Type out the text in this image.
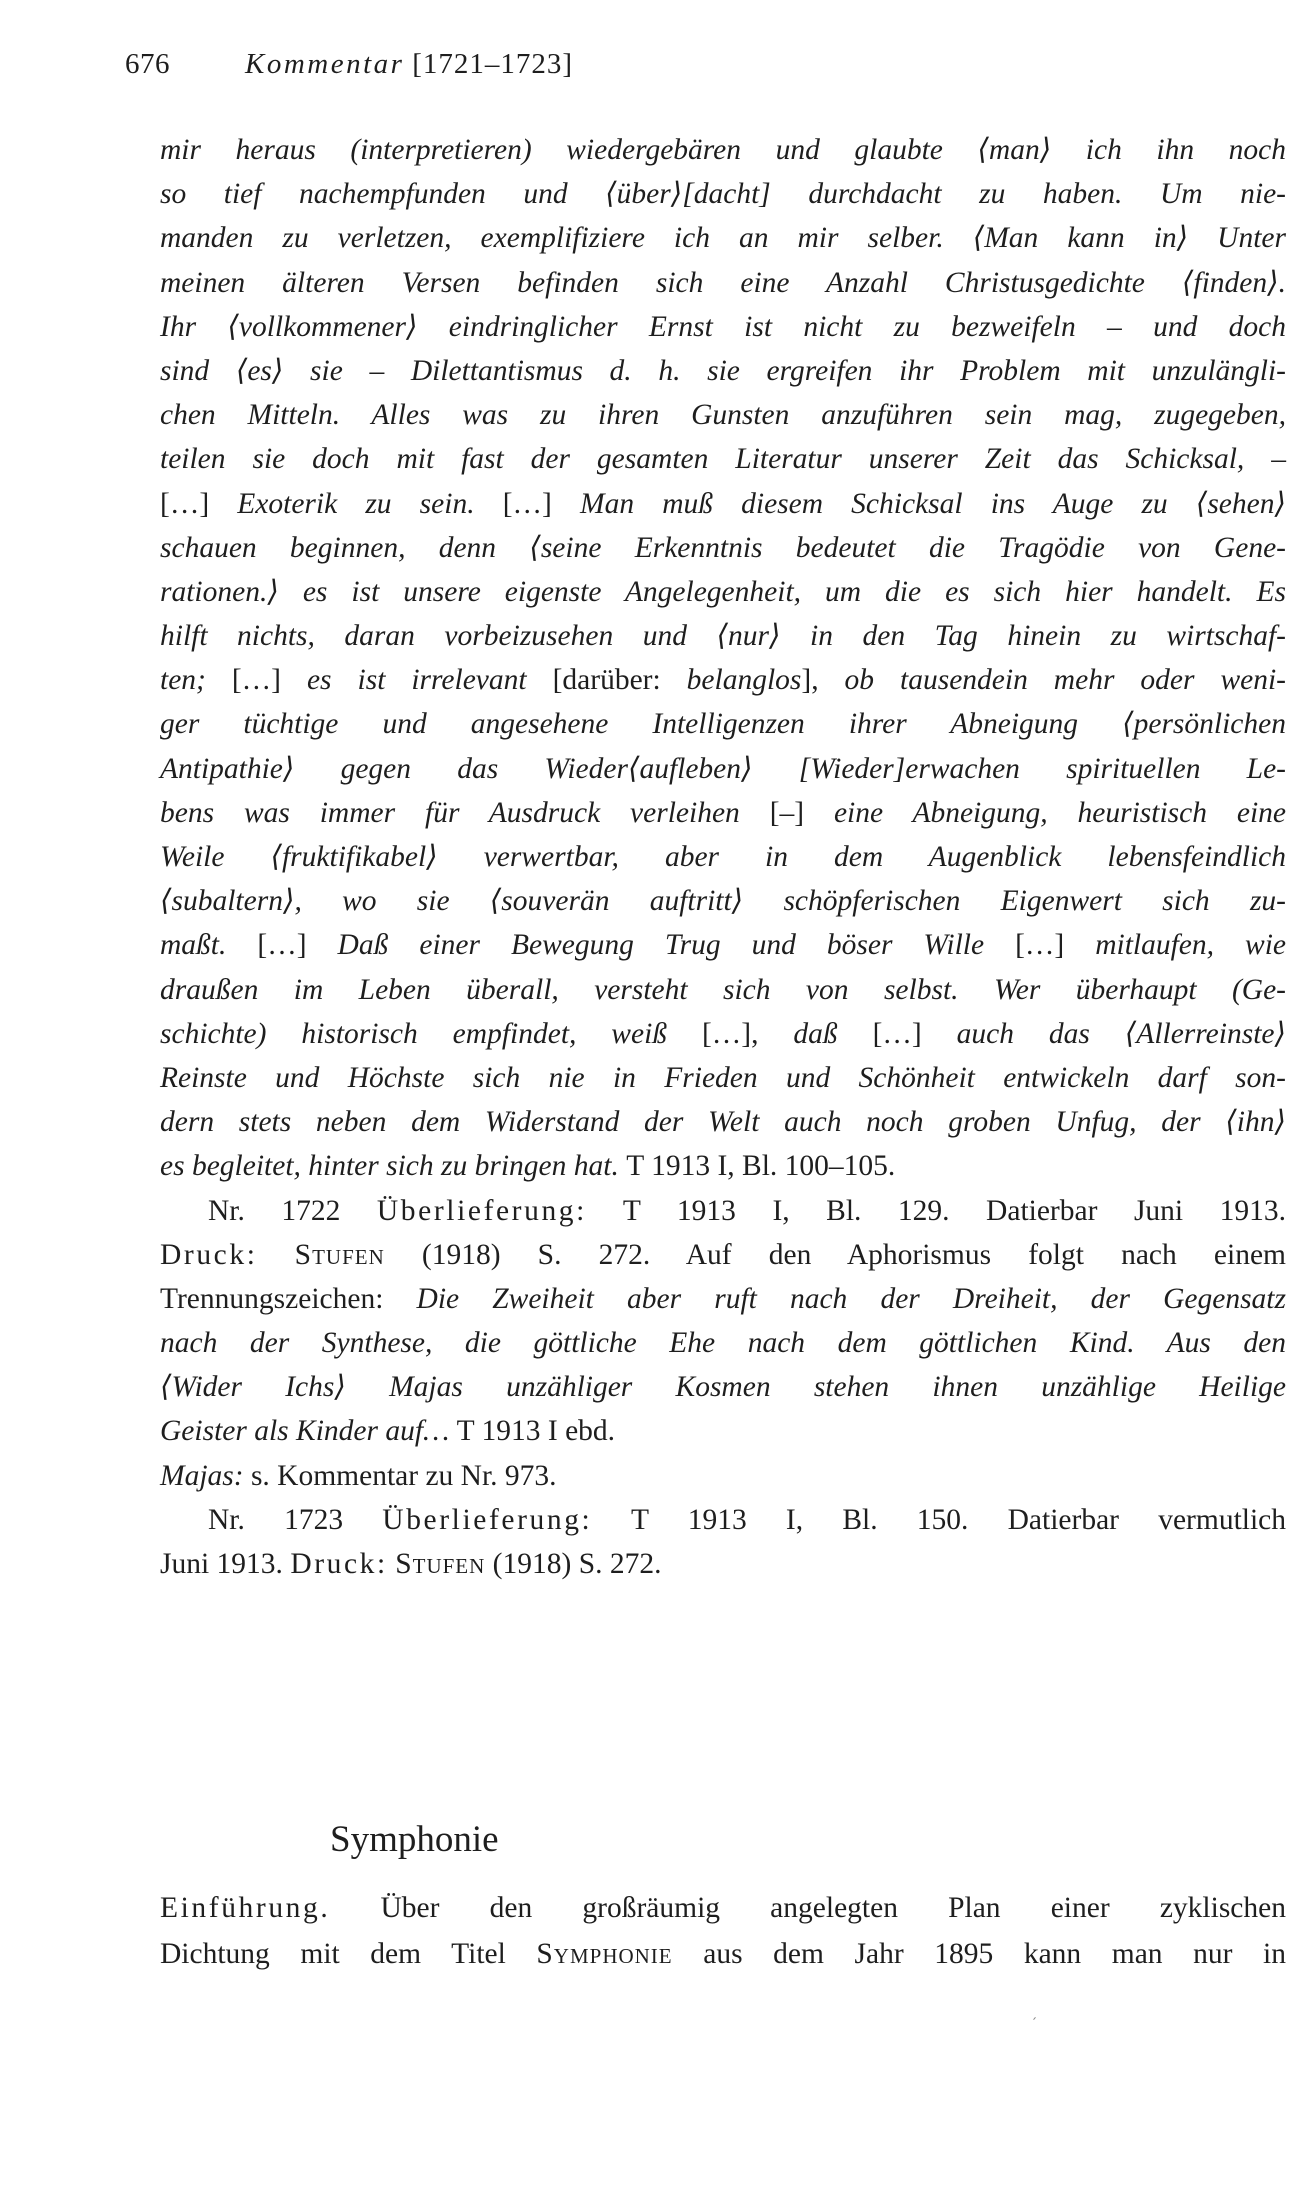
676	Kommentar [1721–1723]
mir heraus (interpretieren) wiedergebären und glaubte ⟨man⟩ ich ihn noch
so tief nachempfunden und ⟨über⟩[dacht] durchdacht zu haben. Um nie-
manden zu verletzen, exemplifiziere ich an mir selber. ⟨Man kann in⟩ Unter
meinen älteren Versen befinden sich eine Anzahl Christusgedichte ⟨finden⟩.
Ihr ⟨vollkommener⟩ eindringlicher Ernst ist nicht zu bezweifeln – und doch
sind ⟨es⟩ sie – Dilettantismus d. h. sie ergreifen ihr Problem mit unzulängli-
chen Mitteln. Alles was zu ihren Gunsten anzuführen sein mag, zugegeben,
teilen sie doch mit fast der gesamten Literatur unserer Zeit das Schicksal, –
[…] Exoterik zu sein. […] Man muß diesem Schicksal ins Auge zu ⟨sehen⟩
schauen beginnen, denn ⟨seine Erkenntnis bedeutet die Tragödie von Gene-
rationen.⟩ es ist unsere eigenste Angelegenheit, um die es sich hier handelt. Es
hilft nichts, daran vorbeizusehen und ⟨nur⟩ in den Tag hinein zu wirtschaf-
ten; […] es ist irrelevant [darüber: belanglos], ob tausendein mehr oder weni-
ger tüchtige und angesehene Intelligenzen ihrer Abneigung ⟨persönlichen
Antipathie⟩ gegen das Wieder⟨aufleben⟩ [Wieder]erwachen spirituellen Le-
bens was immer für Ausdruck verleihen [–] eine Abneigung, heuristisch eine
Weile ⟨fruktifikabel⟩ verwertbar, aber in dem Augenblick lebensfeindlich
⟨subaltern⟩, wo sie ⟨souverän auftritt⟩ schöpferischen Eigenwert sich zu-
maßt. […] Daß einer Bewegung Trug und böser Wille […] mitlaufen, wie
draußen im Leben überall, versteht sich von selbst. Wer überhaupt (Ge-
schichte) historisch empfindet, weiß […], daß […] auch das ⟨Allerreinste⟩
Reinste und Höchste sich nie in Frieden und Schönheit entwickeln darf son-
dern stets neben dem Widerstand der Welt auch noch groben Unfug, der ⟨ihn⟩
es begleitet, hinter sich zu bringen hat. T 1913 I, Bl. 100–105.
Nr. 1722 Überlieferung: T 1913 I, Bl. 129. Datierbar Juni 1913.
Druck: Stufen (1918) S. 272. Auf den Aphorismus folgt nach einem
Trennungszeichen: Die Zweiheit aber ruft nach der Dreiheit, der Gegensatz
nach der Synthese, die göttliche Ehe nach dem göttlichen Kind. Aus den
⟨Wider Ichs⟩ Majas unzähliger Kosmen stehen ihnen unzählige Heilige
Geister als Kinder auf… T 1913 I ebd.
Majas: s. Kommentar zu Nr. 973.
Nr. 1723 Überlieferung: T 1913 I, Bl. 150. Datierbar vermutlich
Juni 1913. Druck: Stufen (1918) S. 272.
Symphonie
Einführung. Über den großräumig angelegten Plan einer zyklischen
Dichtung mit dem Titel Symphonie aus dem Jahr 1895 kann man nur in
